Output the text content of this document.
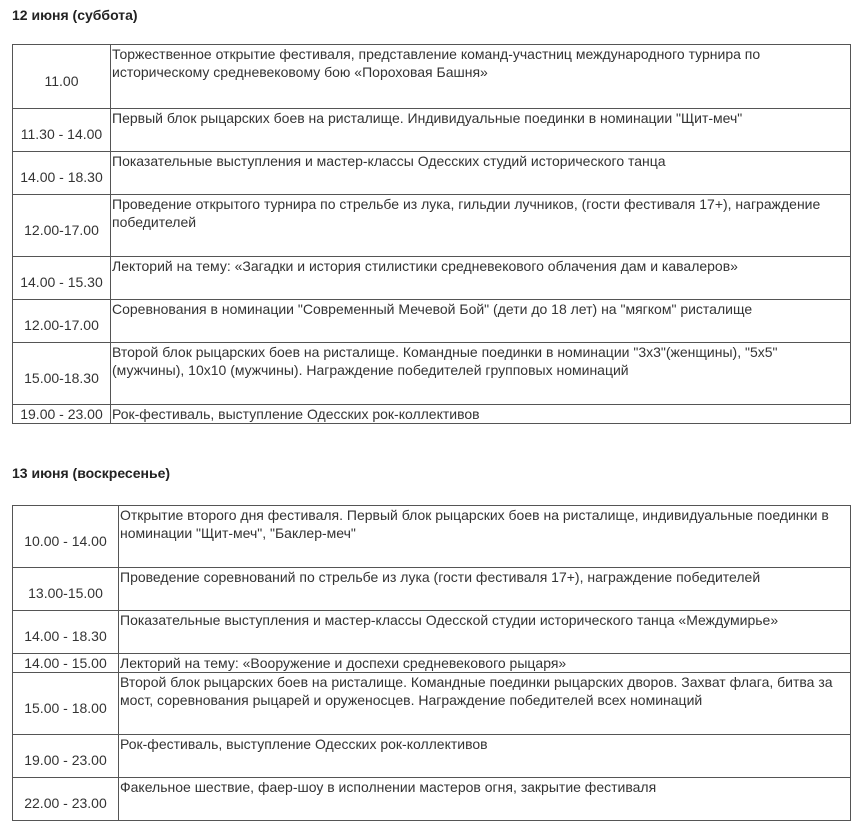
12 июня (суббота)
11.00	Торжественное открытие фестиваля, представление команд-участниц международного турнира по историческому средневековому бою «Пороховая Башня»
11.30 - 14.00	Первый блок рыцарских боев на ристалище. Индивидуальные поединки в номинации "Щит-меч"
14.00 - 18.30	Показательные выступления и мастер-классы Одесских студий исторического танца
12.00-17.00	Проведение открытого турнира по стрельбе из лука, гильдии лучников, (гости фестиваля 17+), награждение победителей
14.00 - 15.30	Лекторий на тему: «Загадки и история стилистики средневекового облачения дам и кавалеров»
12.00-17.00	Соревнования в номинации "Современный Мечевой Бой" (дети до 18 лет) на "мягком" ристалище
15.00-18.30	Второй блок рыцарских боев на ристалище. Командные поединки в номинации "3х3"(женщины), "5х5" (мужчины), 10х10 (мужчины). Награждение победителей групповых номинаций
19.00 - 23.00	Рок-фестиваль, выступление Одесских рок-коллективов
13 июня (воскресенье)
10.00 - 14.00	Открытие второго дня фестиваля. Первый блок рыцарских боев на ристалище, индивидуальные поединки в номинации "Щит-меч", "Баклер-меч"
13.00-15.00	Проведение соревнований по стрельбе из лука (гости фестиваля 17+), награждение победителей
14.00 - 18.30	Показательные выступления и мастер-классы Одесской студии исторического танца «Междумирье»
14.00 - 15.00	Лекторий на тему: «Вооружение и доспехи средневекового рыцаря»
15.00 - 18.00	Второй блок рыцарских боев на ристалище. Командные поединки рыцарских дворов. Захват флага, битва за мост, соревнования рыцарей и оруженосцев. Награждение победителей всех номинаций
19.00 - 23.00	Рок-фестиваль, выступление Одесских рок-коллективов
22.00 - 23.00	Факельное шествие, фаер-шоу в исполнении мастеров огня, закрытие фестиваля
